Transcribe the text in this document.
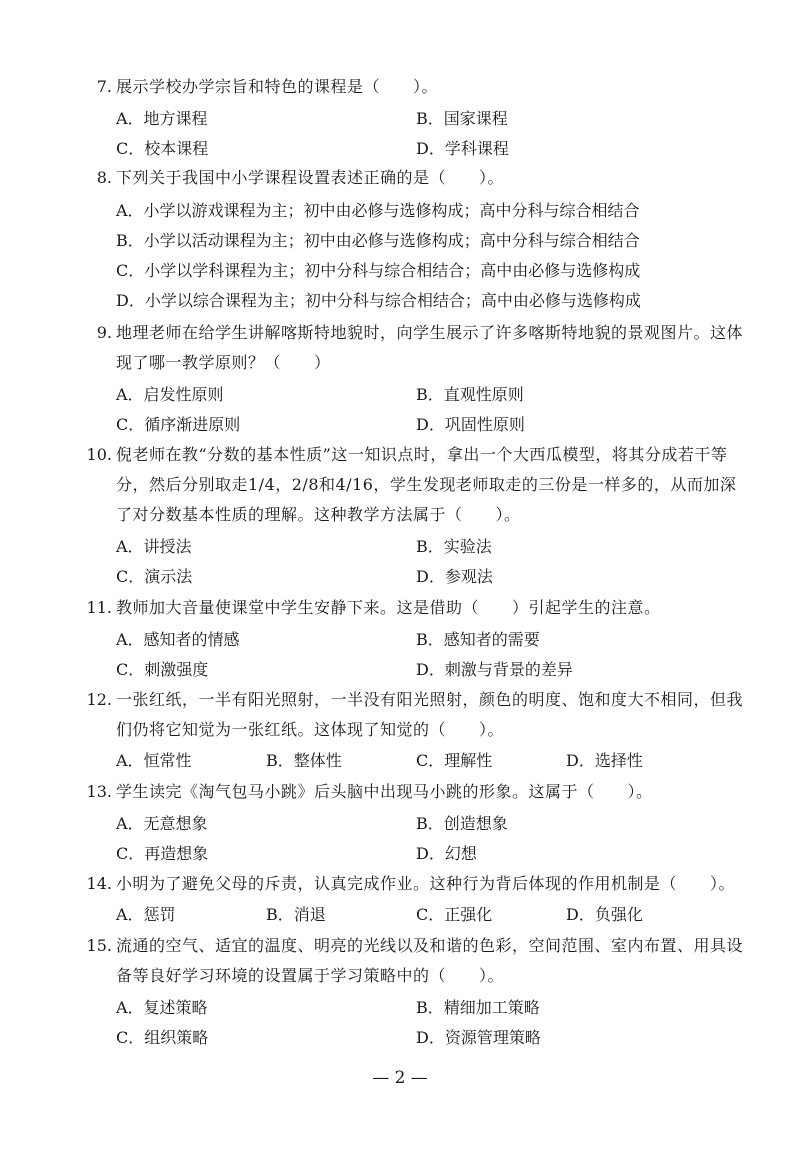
7. 展示学校办学宗旨和特色的课程是（　　）。
A．地方课程	B．国家课程
C．校本课程	D．学科课程
8. 下列关于我国中小学课程设置表述正确的是（　　）。
A．小学以游戏课程为主；初中由必修与选修构成；高中分科与综合相结合
B．小学以活动课程为主；初中由必修与选修构成；高中分科与综合相结合
C．小学以学科课程为主；初中分科与综合相结合；高中由必修与选修构成
D．小学以综合课程为主；初中分科与综合相结合；高中由必修与选修构成
9. 地理老师在给学生讲解喀斯特地貌时，向学生展示了许多喀斯特地貌的景观图片。这体现了哪一教学原则？（　　）
A．启发性原则	B．直观性原则
C．循序渐进原则	D．巩固性原则
10. 倪老师在教“分数的基本性质”这一知识点时，拿出一个大西瓜模型，将其分成若干等分，然后分别取走1/4，2/8和4/16，学生发现老师取走的三份是一样多的，从而加深了对分数基本性质的理解。这种教学方法属于（　　）。
A．讲授法	B．实验法
C．演示法	D．参观法
11. 教师加大音量使课堂中学生安静下来。这是借助（　　）引起学生的注意。
A．感知者的情感	B．感知者的需要
C．刺激强度	D．刺激与背景的差异
12. 一张红纸，一半有阳光照射，一半没有阳光照射，颜色的明度、饱和度大不相同，但我们仍将它知觉为一张红纸。这体现了知觉的（　　）。
A．恒常性	B．整体性	C．理解性	D．选择性
13. 学生读完《淘气包马小跳》后头脑中出现马小跳的形象。这属于（　　）。
A．无意想象	B．创造想象
C．再造想象	D．幻想
14. 小明为了避免父母的斥责，认真完成作业。这种行为背后体现的作用机制是（　　）。
A．惩罚	B．消退	C．正强化	D．负强化
15. 流通的空气、适宜的温度、明亮的光线以及和谐的色彩，空间范围、室内布置、用具设备等良好学习环境的设置属于学习策略中的（　　）。
A．复述策略	B．精细加工策略
C．组织策略	D．资源管理策略
— 2 —
